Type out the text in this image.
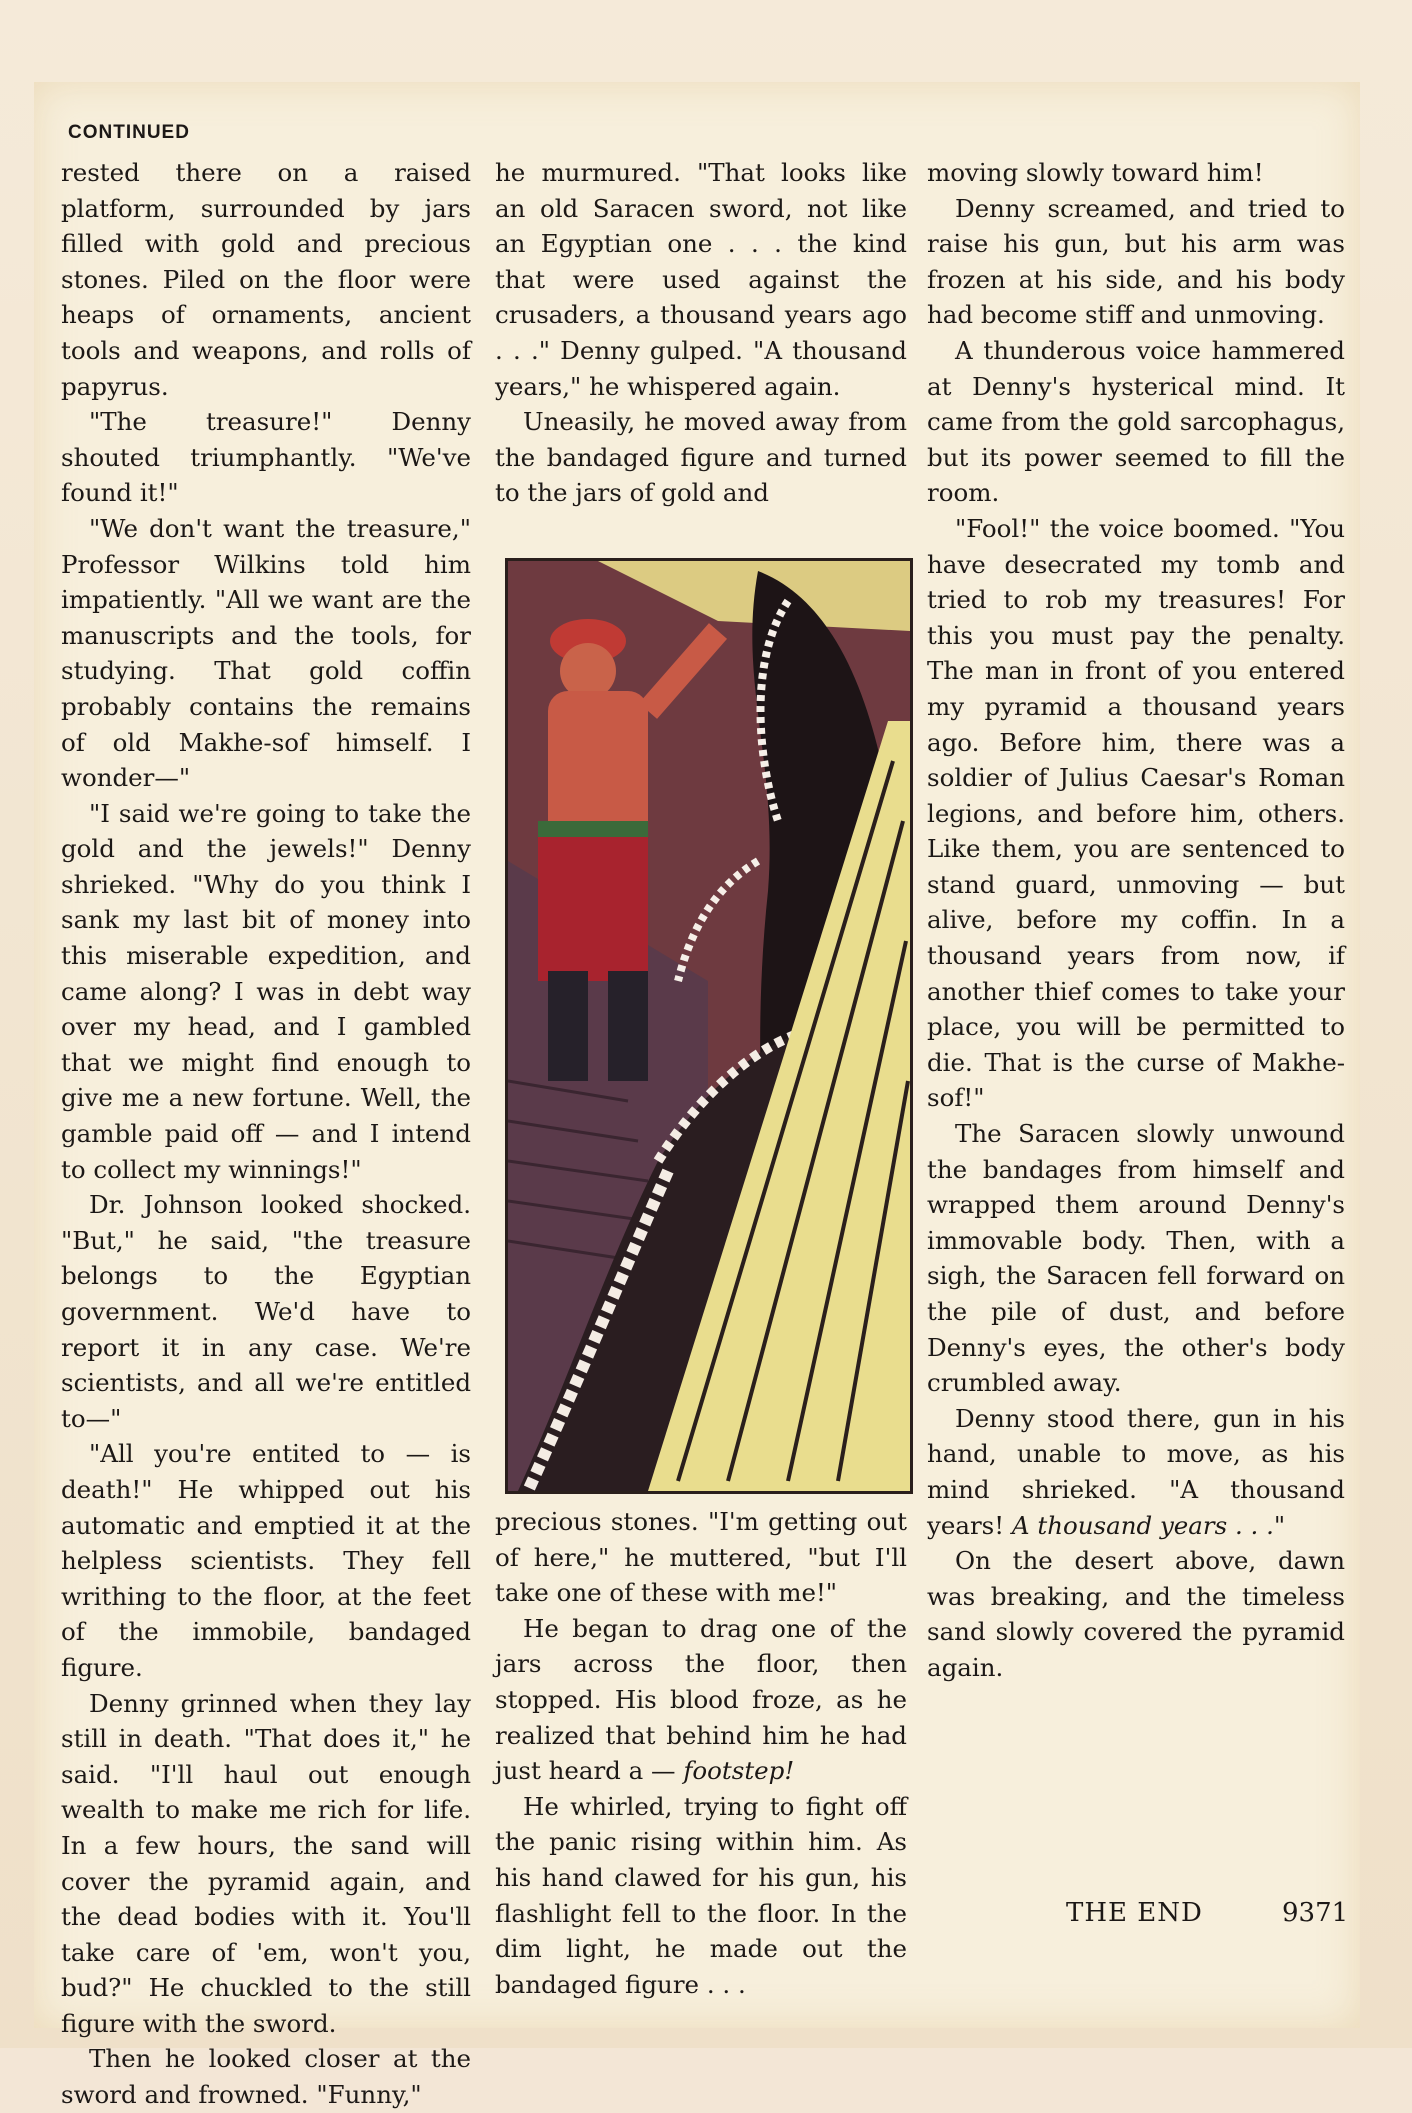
CONTINUED

rested there on a raised platform, surrounded by jars filled with gold and precious stones. Piled on the floor were heaps of ornaments, ancient tools and weapons, and rolls of papyrus.

"The treasure!" Denny shouted triumphantly. "We've found it!"

"We don't want the treasure," Professor Wilkins told him impatiently. "All we want are the manuscripts and the tools, for studying. That gold coffin probably contains the remains of old Makhe-sof himself. I wonder—"

"I said we're going to take the gold and the jewels!" Denny shrieked. "Why do you think I sank my last bit of money into this miserable expedition, and came along? I was in debt way over my head, and I gambled that we might find enough to give me a new fortune. Well, the gamble paid off — and I intend to collect my winnings!"

Dr. Johnson looked shocked. "But," he said, "the treasure belongs to the Egyptian government. We'd have to report it in any case. We're scientists, and all we're entitled to—"

"All you're entited to — is death!" He whipped out his automatic and emptied it at the helpless scientists. They fell writhing to the floor, at the feet of the immobile, bandaged figure.

Denny grinned when they lay still in death. "That does it," he said. "I'll haul out enough wealth to make me rich for life. In a few hours, the sand will cover the pyramid again, and the dead bodies with it. You'll take care of 'em, won't you, bud?" He chuckled to the still figure with the sword.

Then he looked closer at the sword and frowned. "Funny,"

he murmured. "That looks like an old Saracen sword, not like an Egyptian one . . . the kind that were used against the crusaders, a thousand years ago . . ." Denny gulped. "A thousand years," he whispered again.

Uneasily, he moved away from the bandaged figure and turned to the jars of gold and

precious stones. "I'm getting out of here," he muttered, "but I'll take one of these with me!"

He began to drag one of the jars across the floor, then stopped. His blood froze, as he realized that behind him he had just heard a — footstep!

He whirled, trying to fight off the panic rising within him. As his hand clawed for his gun, his flashlight fell to the floor. In the dim light, he made out the bandaged figure . . .

moving slowly toward him!

Denny screamed, and tried to raise his gun, but his arm was frozen at his side, and his body had become stiff and unmoving.

A thunderous voice hammered at Denny's hysterical mind. It came from the gold sarcophagus, but its power seemed to fill the room.

"Fool!" the voice boomed. "You have desecrated my tomb and tried to rob my treasures! For this you must pay the penalty. The man in front of you entered my pyramid a thousand years ago. Before him, there was a soldier of Julius Caesar's Roman legions, and before him, others. Like them, you are sentenced to stand guard, unmoving — but alive, before my coffin. In a thousand years from now, if another thief comes to take your place, you will be permitted to die. That is the curse of Makhe-sof!"

The Saracen slowly unwound the bandages from himself and wrapped them around Denny's immovable body. Then, with a sigh, the Saracen fell forward on the pile of dust, and before Denny's eyes, the other's body crumbled away.

Denny stood there, gun in his hand, unable to move, as his mind shrieked. "A thousand years! A thousand years . . ."

On the desert above, dawn was breaking, and the timeless sand slowly covered the pyramid again.

THE END	9371
